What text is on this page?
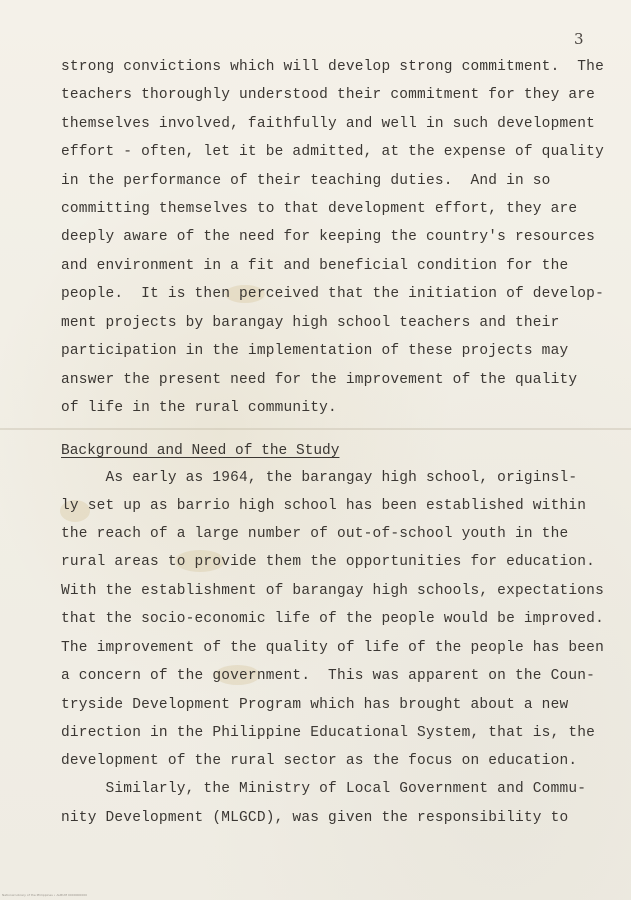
3
strong convictions which will develop strong commitment.  The
teachers thoroughly understood their commitment for they are
themselves involved, faithfully and well in such development
effort - often, let it be admitted, at the expense of quality
in the performance of their teaching duties.  And in so
committing themselves to that development effort, they are
deeply aware of the need for keeping the country's resources
and environment in a fit and beneficial condition for the
people.  It is then perceived that the initiation of develop-
ment projects by barangay high school teachers and their
participation in the implementation of these projects may
answer the present need for the improvement of the quality
of life in the rural community.
Background and Need of the Study
As early as 1964, the barangay high school, originsl-
ly set up as barrio high school has been established within
the reach of a large number of out-of-school youth in the
rural areas to provide them the opportunities for education.
With the establishment of barangay high schools, expectations
that the socio-economic life of the people would be improved.
The improvement of the quality of life of the people has been
a concern of the government.  This was apparent on the Coun-
tryside Development Program which has brought about a new
direction in the Philippine Educational System, that is, the
development of the rural sector as the focus on education.
Similarly, the Ministry of Local Government and Commu-
nity Development (MLGCD), was given the responsibility to
National Library of the Philippines • ALBUM 0000000000
